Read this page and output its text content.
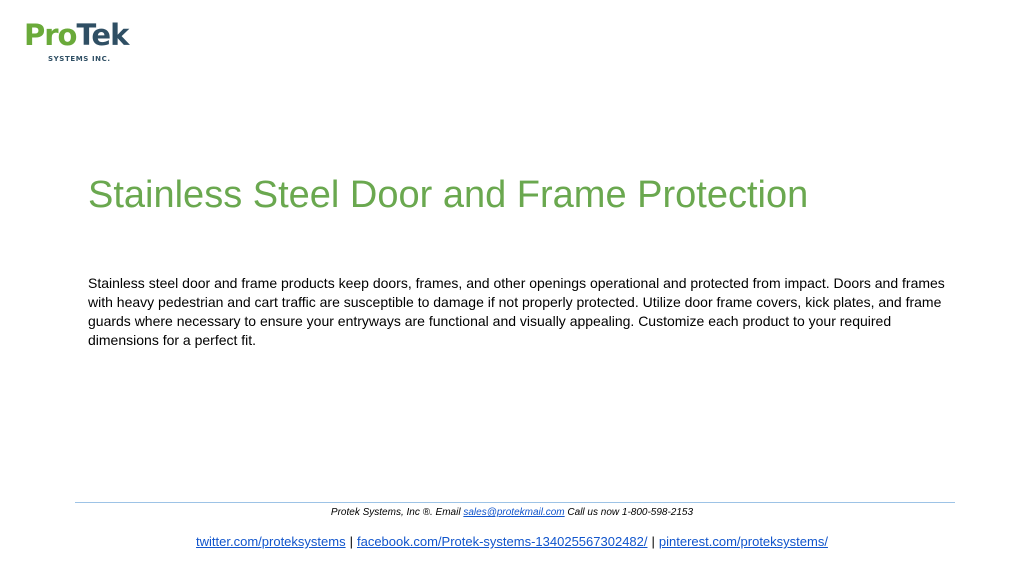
ProTek
SYSTEMS INC.
Stainless Steel Door and Frame Protection

Stainless steel door and frame products keep doors, frames, and other openings operational and protected from impact. Doors and frames with heavy pedestrian and cart traffic are susceptible to damage if not properly protected. Utilize door frame covers, kick plates, and frame guards where necessary to ensure your entryways are functional and visually appealing. Customize each product to your required dimensions for a perfect fit.

Protek Systems, Inc ®. Email sales@protekmail.com Call us now 1-800-598-2153
twitter.com/proteksystems | facebook.com/Protek-systems-134025567302482/ | pinterest.com/proteksystems/
